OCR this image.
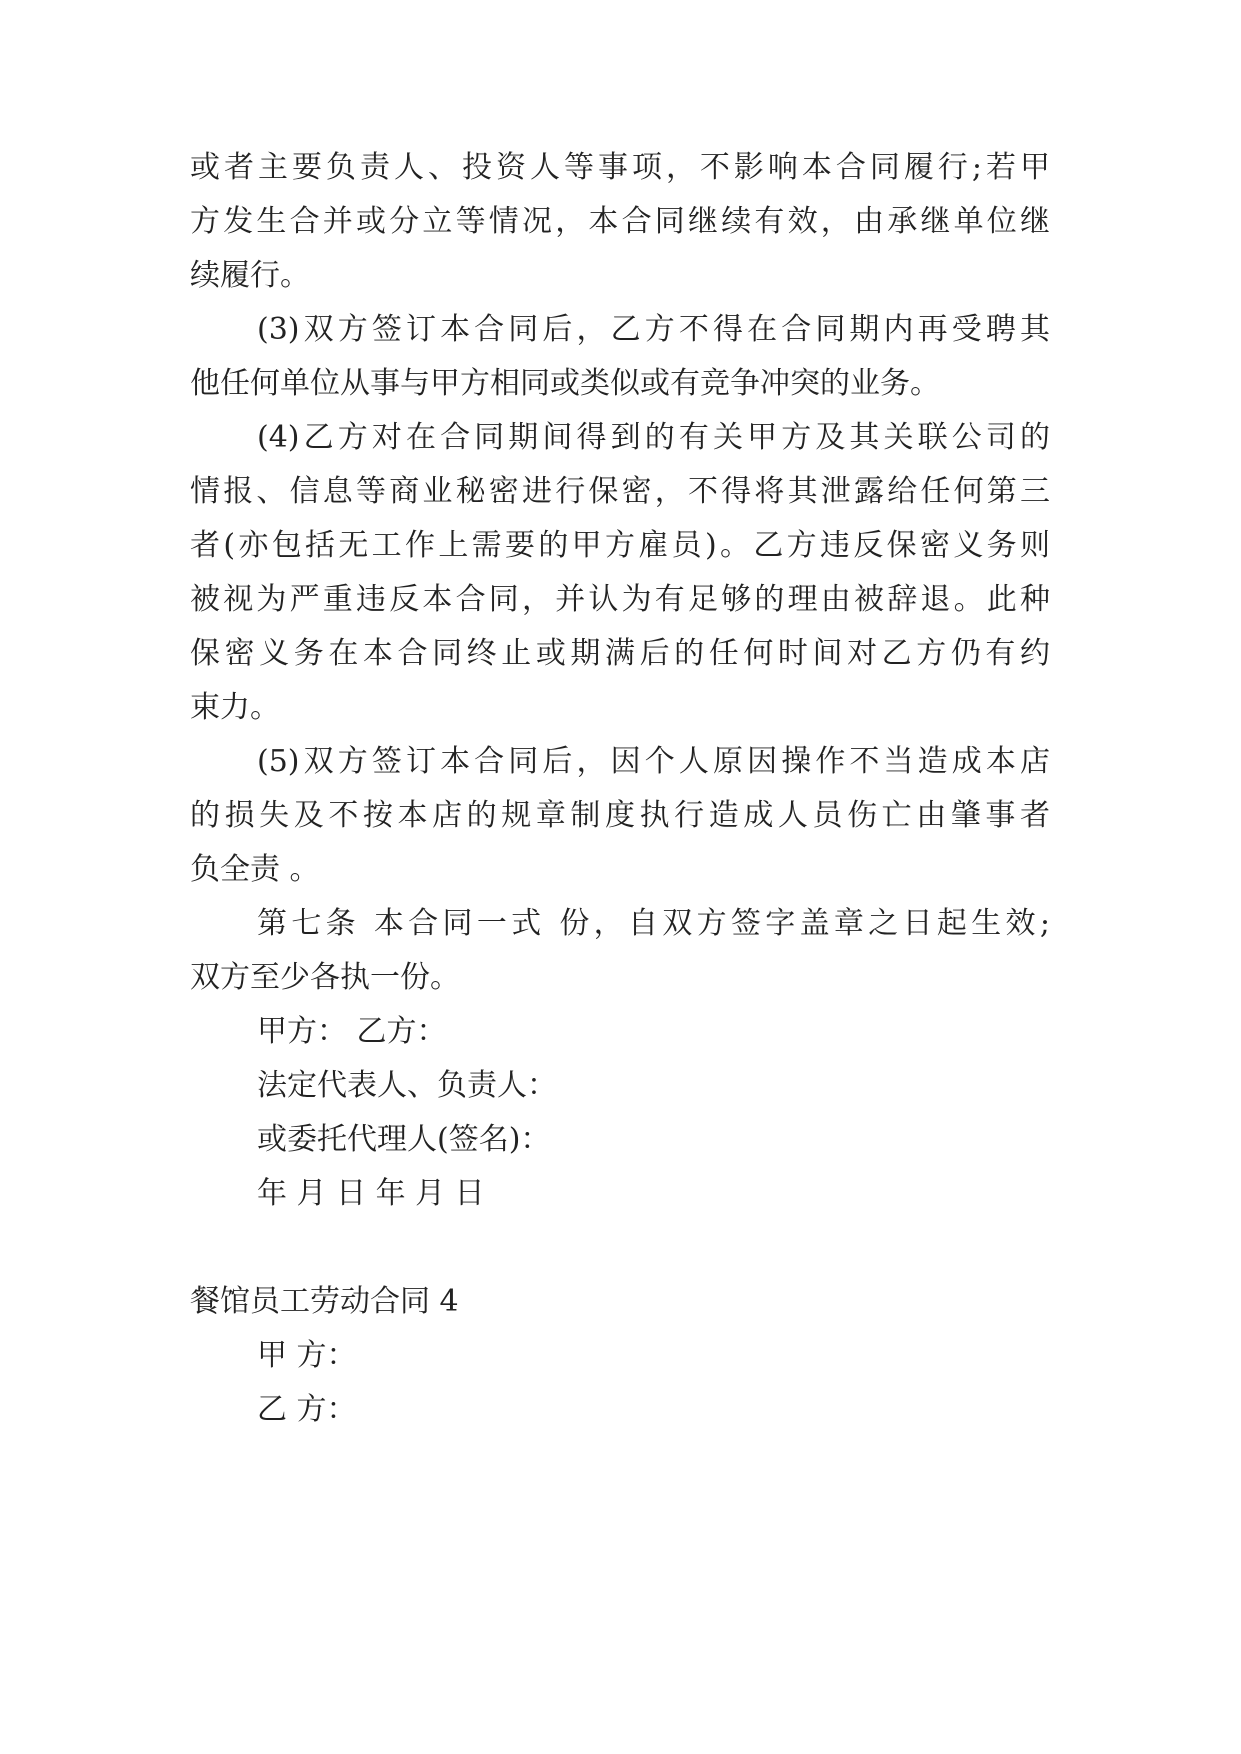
或者主要负责人、投资人等事项，不影响本合同履行;若甲
方发生合并或分立等情况，本合同继续有效，由承继单位继
续履行。
(3)双方签订本合同后，乙方不得在合同期内再受聘其
他任何单位从事与甲方相同或类似或有竞争冲突的业务。
(4)乙方对在合同期间得到的有关甲方及其关联公司的
情报、信息等商业秘密进行保密，不得将其泄露给任何第三
者(亦包括无工作上需要的甲方雇员)。乙方违反保密义务则
被视为严重违反本合同，并认为有足够的理由被辞退。此种
保密义务在本合同终止或期满后的任何时间对乙方仍有约
束力。
(5)双方签订本合同后，因个人原因操作不当造成本店
的损失及不按本店的规章制度执行造成人员伤亡由肇事者
负全责 。
第七条 本合同一式 份，自双方签字盖章之日起生效;
双方至少各执一份。
甲方： 乙方：
法定代表人、负责人：
或委托代理人(签名)：
年 月 日 年 月 日
餐馆员工劳动合同 4
甲 方：
乙 方：
